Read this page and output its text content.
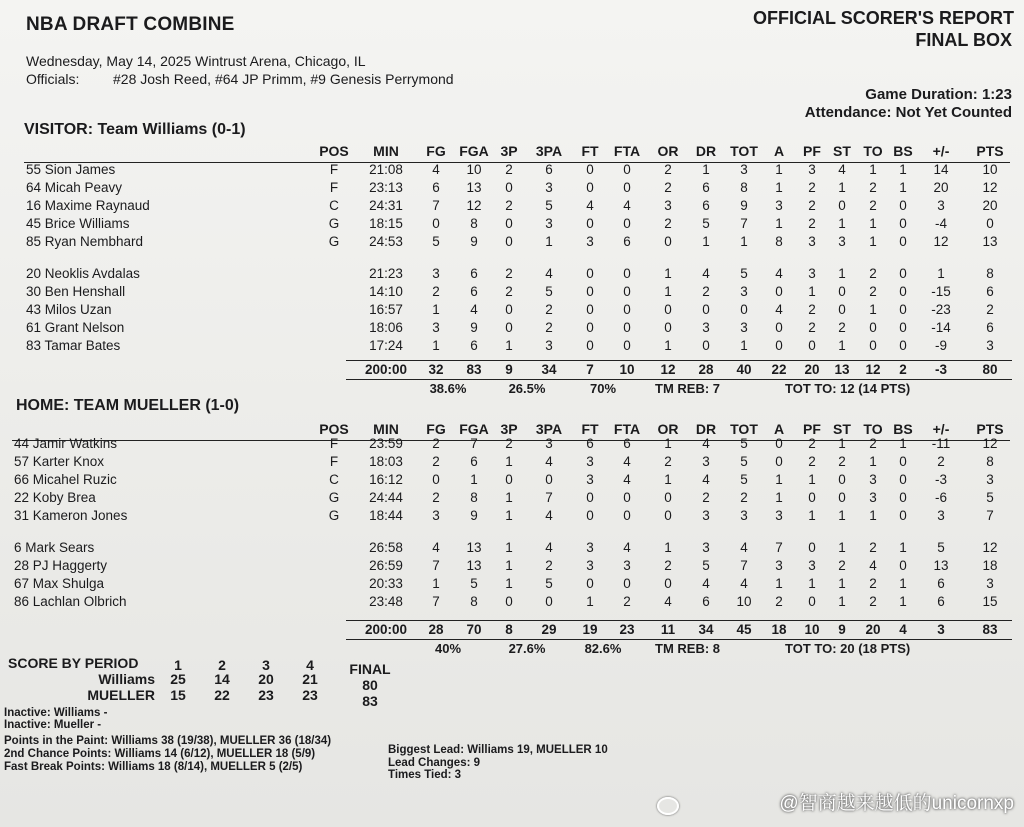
NBA DRAFT COMBINE	OFFICIAL SCORER'S REPORT
FINAL BOX
Wednesday, May 14, 2025 Wintrust Arena, Chicago, IL
Officials: #28 Josh Reed, #64 JP Primm, #9 Genesis Perrymond
Game Duration: 1:23
Attendance: Not Yet Counted
VISITOR: Team Williams (0-1)
POS	MIN	FG FGA 3P	3PA	FT	FTA	OR	DR	TOT	A	PF ST TO BS	+/-	PTS
55 Sion James	F	21:08	4	10	2	6	0	0	2	1	3	1	3	4	1	1	14	10
64 Micah Peavy	F	23:13	6	13	0	3	0	0	2	6	8	1	2	1	2	1	20	12
16 Maxime Raynaud	C	24:31	7	12	2	5	4	4	3	6	9	3	2	0	2	0	3	20
45 Brice Williams	G	18:15	0	8	0	3	0	0	2	5	7	1	2	1	1	0	-4	0
85 Ryan Nembhard	G	24:53	5	9	0	1	3	6	0	1	1	8	3	3	1	0	12	13
20 Neoklis Avdalas	21:23	3	6	2	4	0	0	1	4	5	4	3	1	2	0	1	8
30 Ben Henshall	14:10	2	6	2	5	0	0	1	2	3	0	1	0	2	0	-15	6
43 Milos Uzan	16:57	1	4	0	2	0	0	0	0	0	4	2	0	1	0	-23	2
61 Grant Nelson	18:06	3	9	0	2	0	0	0	3	3	0	2	2	0	0	-14	6
83 Tamar Bates	17:24	1	6	1	3	0	0	1	0	1	0	0	1	0	0	-9	3
200:00	32	83	9	34	7	10	12	28	40	22	20	13	12	2	-3	80
38.6%	26.5%	70%	TM REB: 7	TOT TO: 12 (14 PTS)
HOME: TEAM MUELLER (1-0)
POS	MIN	FG FGA 3P	3PA	FT	FTA	OR	DR	TOT	A	PF ST TO BS	+/-	PTS
44 Jamir Watkins	F	23:59	2	7	2	3	6	6	1	4	5	0	2	1	2	1	-11	12
57 Karter Knox	F	18:03	2	6	1	4	3	4	2	3	5	0	2	2	1	0	2	8
66 Micahel Ruzic	C	16:12	0	1	0	0	3	4	1	4	5	1	1	0	3	0	-3	3
22 Koby Brea	G	24:44	2	8	1	7	0	0	0	2	2	1	0	0	3	0	-6	5
31 Kameron Jones	G	18:44	3	9	1	4	0	0	0	3	3	3	1	1	1	0	3	7
6 Mark Sears	26:58	4	13	1	4	3	4	1	3	4	7	0	1	2	1	5	12
28 PJ Haggerty	26:59	7	13	1	2	3	3	2	5	7	3	3	2	4	0	13	18
67 Max Shulga	20:33	1	5	1	5	0	0	0	4	4	1	1	1	2	1	6	3
86 Lachlan Olbrich	23:48	7	8	0	0	1	2	4	6	10	2	0	1	2	1	6	15
200:00	28	70	8	29	19	23	11	34	45	18	10	9	20	4	3	83
40%	27.6%	82.6%	TM REB: 8	TOT TO: 20 (18 PTS)
SCORE BY PERIOD	1	2	3	4	FINAL
Williams	25	14	20	21	80
MUELLER	15	22	23	23	83
Inactive: Williams -
Inactive: Mueller -
Points in the Paint: Williams 38 (19/38), MUELLER 36 (18/34)
2nd Chance Points: Williams 14 (6/12), MUELLER 18 (5/9)
Fast Break Points: Williams 18 (8/14), MUELLER 5 (2/5)
Biggest Lead: Williams 19, MUELLER 10
Lead Changes: 9
Times Tied: 3
@智商越来越低的unicornxp
